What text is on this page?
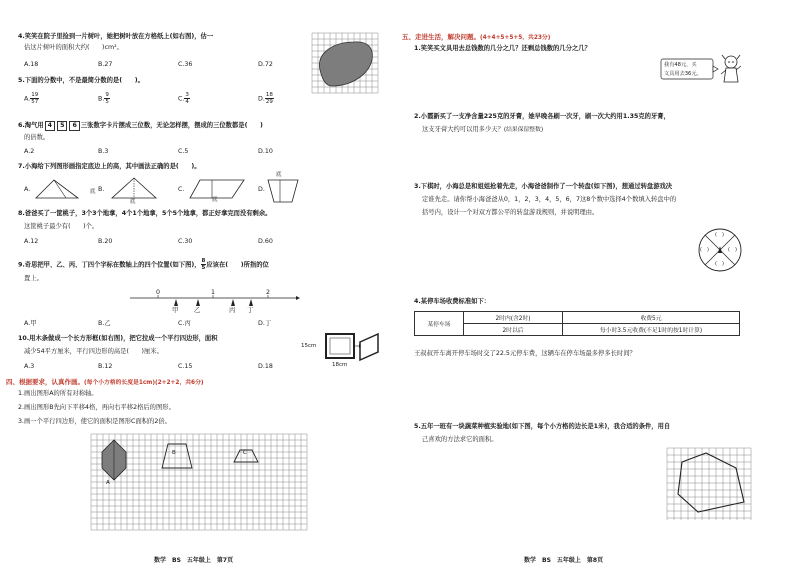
4.笑笑在院子里捡到一片树叶，她把树叶放在方格纸上(如右图)，估一
估这片树叶的面积大约(　　)cm²。
A.18	B.27	C.36	D.72
5.下面的分数中，不是最简分数的是(　　)。
A. $\frac{19}{57}$	B. $\frac{9}{5}$	C. $\frac{3}{4}$	D. $\frac{18}{29}$
6.淘气用 4 5 6 三张数字卡片摆成三位数，无论怎样摆，摆成的三位数都是(　　)
的倍数。
A.2	B.3	C.5	D.10
7.小海给下列图形画指定底边上的高，其中画法正确的是(　　)。
A.	B.	C.	D.
底
底	底
底
8.爸爸买了一筐桃子，3个3个地拿，4个1个地拿，5个5个地拿，都正好拿完而没有剩余。
这筐桃子最少有(　　)个。
A.12	B.20	C.30	D.60
9.奇思把甲、乙、丙、丁四个字标在数轴上的四个位置(如下图)， $\frac{8}{5}$ 应该在(　　)所指的位
置上。
0	1	2
甲 乙	丙 丁
A.甲	B.乙	C.丙	D.丁
10.用木条做成一个长方形框(如右图)，把它拉成一个平行四边形，面积
减少54平方厘米，平行四边形的高是(　　)厘米。
A.3	B.12	C.15	D.18
15cm
18cm
四、根据要求，认真作画。(每个小方格的长度是1cm)(2+2+2，共6分)
1.画出图形A的所有对称轴。
2.画出图形B先向下平移4格，再向右平移2格后的图形。
3.画一个平行四边形，使它的面积是图形C面积的2倍。
A
B	C
数学　BS　五年级上　第7页
五、走进生活，解决问题。(4+4+5+5+5，共23分)
1.笑笑买文具用去总钱数的几分之几？还剩总钱数的几分之几？
我有48元，买
文具用去36元。
2.小霞新买了一支净含量225克的牙膏，她早晚各刷一次牙，刷一次大约用1.35克的牙膏，
这支牙膏大约可以用多少天？(结果保留整数)
3.下棋时，小海总是和姐姐抢着先走，小海爸爸制作了一个转盘(如下图)，想通过转盘游戏决
定谁先走。请你帮小海爸爸从0，1，2，3，4，5，6，7这8个数中选择4个数填入转盘中的
括号内，设计一个对双方都公平的转盘游戏规则，并说明理由。
(　)
(　)
(　)
(　)
4.某停车场收费标准如下：
某停车场	2时内(含2时)	收费5元
	2时以后	每小时3.5元收费(不足1时的按1时计算)
王叔叔开车离开停车场时交了22.5元停车费，这辆车在停车场最多停多长时间？
5.五年一班有一块蔬菜种植实验地(如下图，每个小方格的边长是1米)，我合适的条件，用自
己喜欢的方法求它的面积。
数学　BS　五年级上　第8页
